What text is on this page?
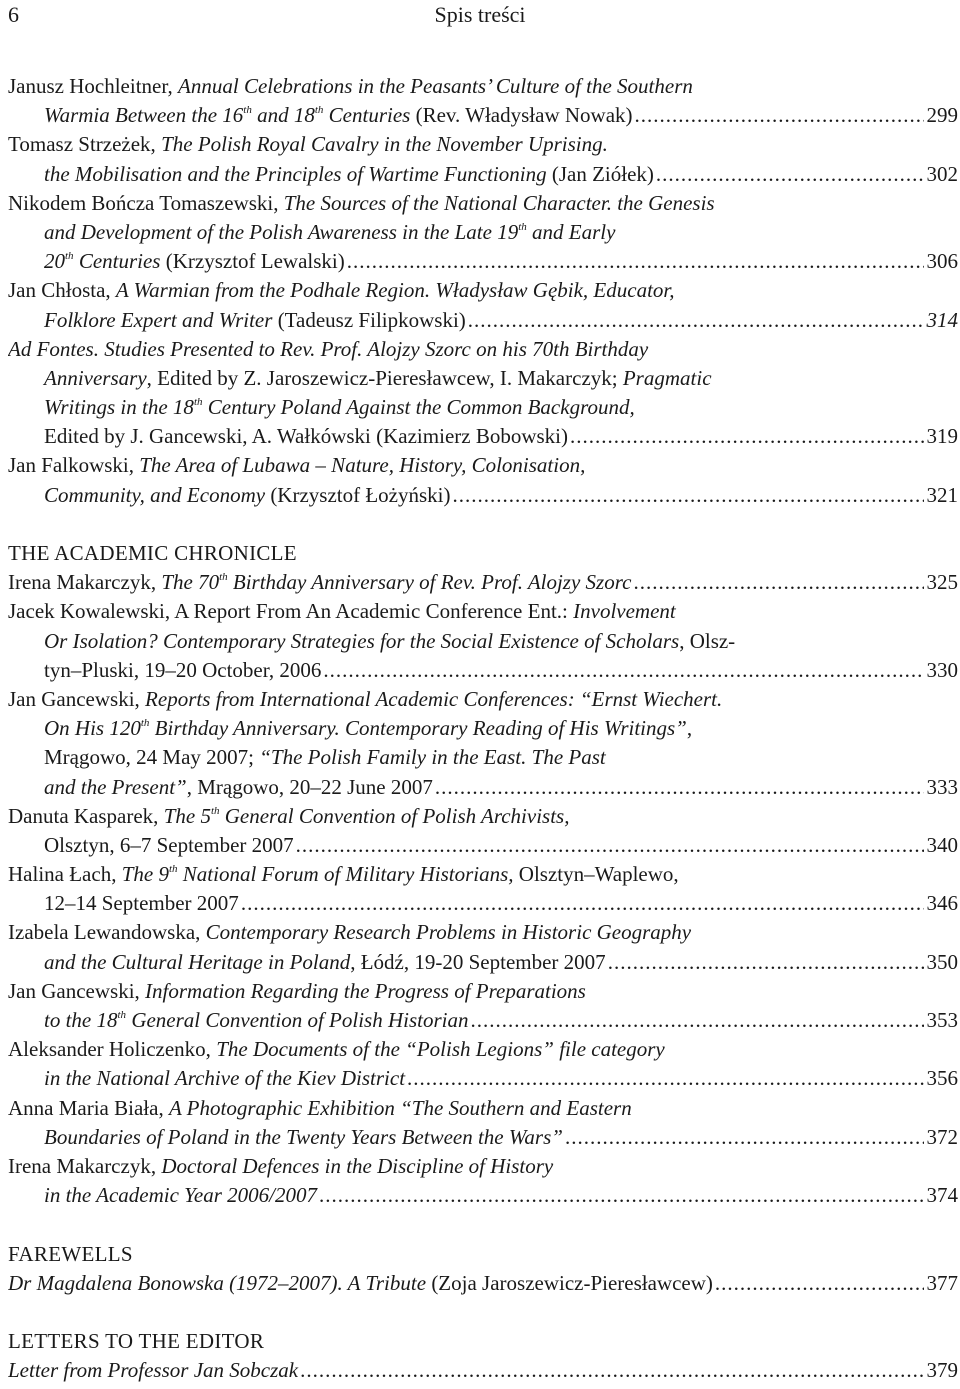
6	Spis treści
Janusz Hochleitner, Annual Celebrations in the Peasants’ Culture of the Southern
Warmia Between the 16th and 18th Centuries (Rev. Władysław Nowak) .....	299
Tomasz Strzeżek, The Polish Royal Cavalry in the November Uprising.
the Mobilisation and the Principles of Wartime Functioning (Jan Ziółek) .....	302
Nikodem Bończa Tomaszewski, The Sources of the National Character. the Genesis
and Development of the Polish Awareness in the Late 19th and Early
20th Centuries (Krzysztof Lewalski) .....	306
Jan Chłosta, A Warmian from the Podhale Region. Władysław Gębik, Educator,
Folklore Expert and Writer (Tadeusz Filipkowski) .....	314
Ad Fontes. Studies Presented to Rev. Prof. Alojzy Szorc on his 70th Birthday
Anniversary, Edited by Z. Jaroszewicz-Pieresławcew, I. Makarczyk; Pragmatic
Writings in the 18th Century Poland Against the Common Background,
Edited by J. Gancewski, A. Wałkówski (Kazimierz Bobowski) .....	319
Jan Falkowski, The Area of Lubawa – Nature, History, Colonisation,
Community, and Economy (Krzysztof Łożyński) .....	321
THE ACADEMIC CHRONICLE
Irena Makarczyk, The 70th Birthday Anniversary of Rev. Prof. Alojzy Szorc .....	325
Jacek Kowalewski, A Report From An Academic Conference Ent.: Involvement
Or Isolation? Contemporary Strategies for the Social Existence of Scholars, Olsz-
tyn–Pluski, 19–20 October, 2006 .....	330
Jan Gancewski, Reports from International Academic Conferences: “Ernst Wiechert.
On His 120th Birthday Anniversary. Contemporary Reading of His Writings”,
Mrągowo, 24 May 2007; “The Polish Family in the East. The Past
and the Present”, Mrągowo, 20–22 June 2007 .....	333
Danuta Kasparek, The 5th General Convention of Polish Archivists,
Olsztyn, 6–7 September 2007 .....	340
Halina Łach, The 9th National Forum of Military Historians, Olsztyn–Waplewo,
12–14 September 2007 .....	346
Izabela Lewandowska, Contemporary Research Problems in Historic Geography
and the Cultural Heritage in Poland, Łódź, 19-20 September 2007 .....	350
Jan Gancewski, Information Regarding the Progress of Preparations
to the 18th General Convention of Polish Historian .....	353
Aleksander Holiczenko, The Documents of the “Polish Legions” file category
in the National Archive of the Kiev District .....	356
Anna Maria Biała, A Photographic Exhibition “The Southern and Eastern
Boundaries of Poland in the Twenty Years Between the Wars” .....	372
Irena Makarczyk, Doctoral Defences in the Discipline of History
in the Academic Year 2006/2007 .....	374
FAREWELLS
Dr Magdalena Bonowska (1972–2007). A Tribute (Zoja Jaroszewicz-Pieresławcew) .....	377
LETTERS TO THE EDITOR
Letter from Professor Jan Sobczak .....	379
